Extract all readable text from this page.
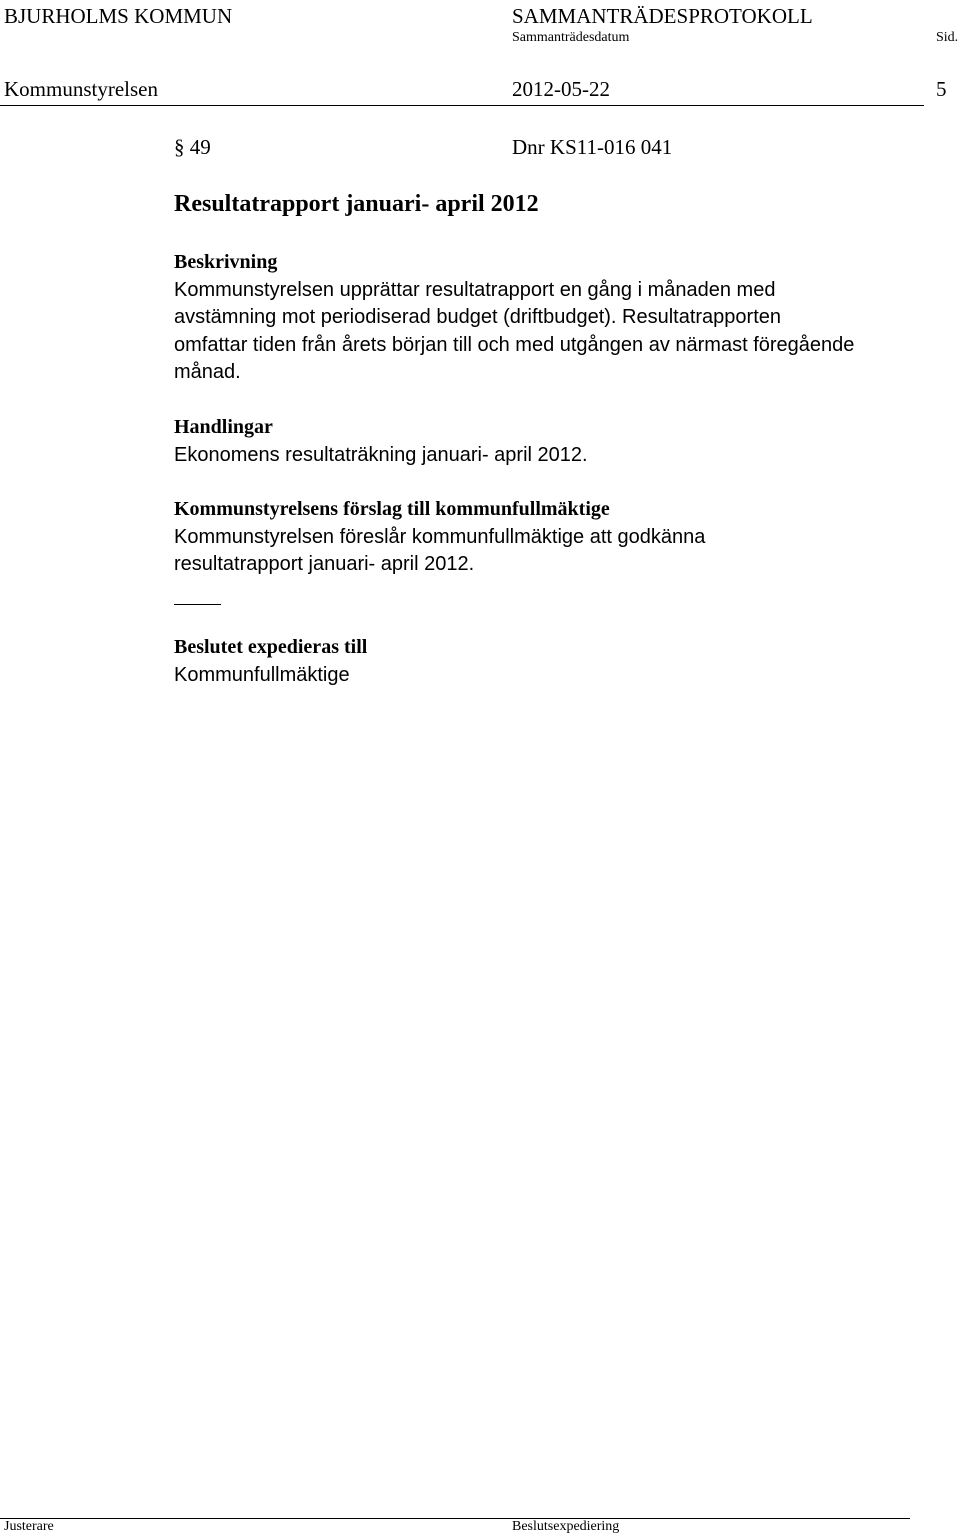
BJURHOLMS KOMMUN	SAMMANTRÄDESPROTOKOLL
Sammanträdesdatum	Sid.
Kommunstyrelsen	2012-05-22	5
§ 49	Dnr KS11-016 041
Resultatrapport januari- april 2012

Beskrivning

Kommunstyrelsen upprättar resultatrapport en gång i månaden med

avstämning mot periodiserad budget (driftbudget). Resultatrapporten

omfattar tiden från årets början till och med utgången av närmast föregående

månad.

Handlingar

Ekonomens resultaträkning januari- april 2012.

Kommunstyrelsens förslag till kommunfullmäktige

Kommunstyrelsen föreslår kommunfullmäktige att godkänna

resultatrapport januari- april 2012.

Beslutet expedieras till

Kommunfullmäktige

Justerare	Beslutsexpediering
